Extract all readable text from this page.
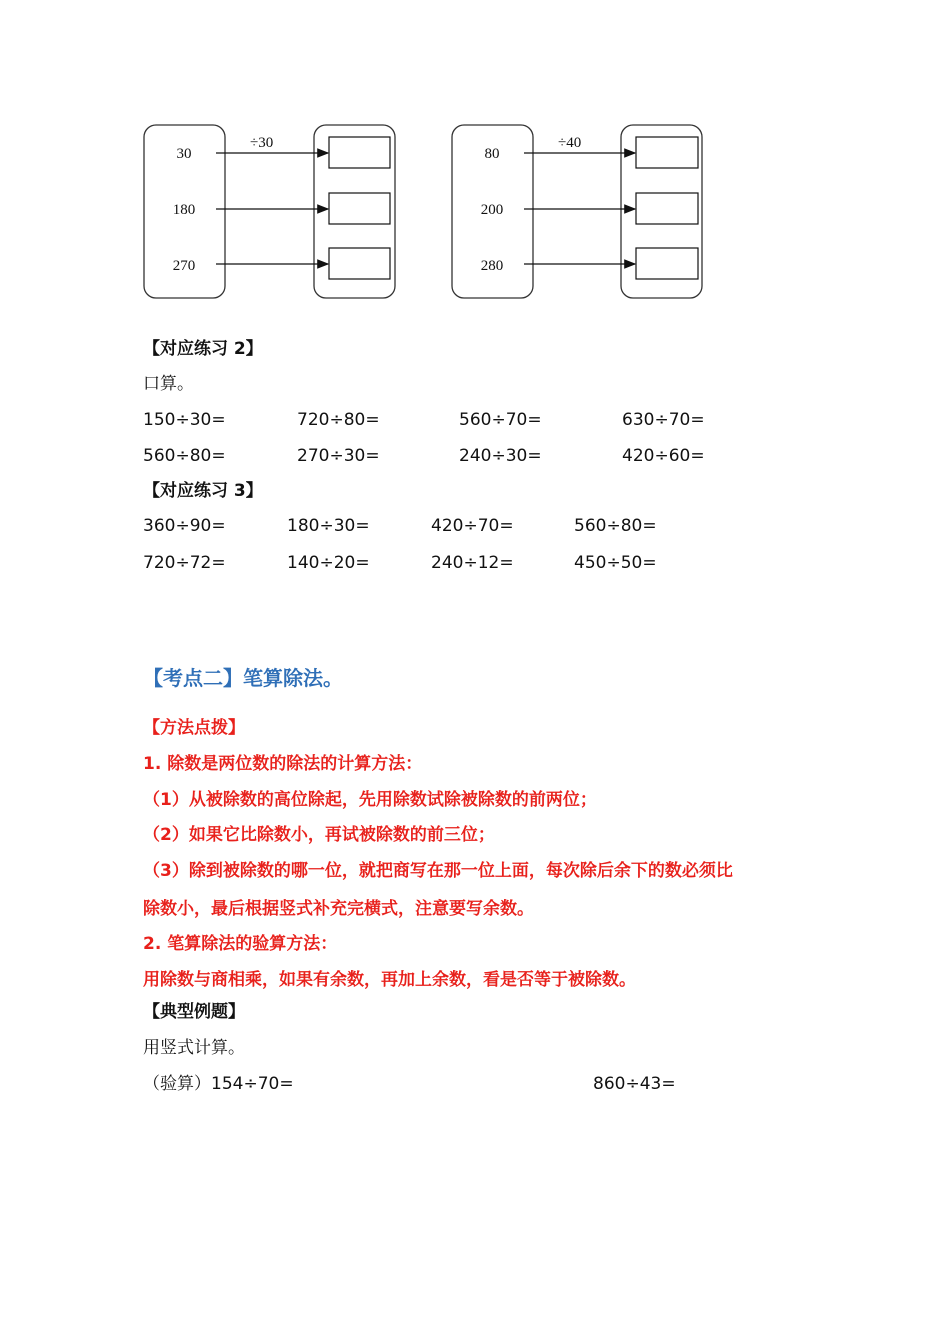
÷30
30
180
270
÷40
80
200
280
【对应练习 2】
口算。
150÷30=	720÷80=	560÷70=	630÷70=
560÷80=	270÷30=	240÷30=	420÷60=
【对应练习 3】
360÷90=	180÷30=	420÷70=	560÷80=
720÷72=	140÷20=	240÷12=	450÷50=
【考点二】笔算除法。
【方法点拨】
1. 除数是两位数的除法的计算方法：
（1）从被除数的高位除起，先用除数试除被除数的前两位；
（2）如果它比除数小，再试被除数的前三位；
（3）除到被除数的哪一位，就把商写在那一位上面，每次除后余下的数必须比
除数小，最后根据竖式补充完横式，注意要写余数。
2. 笔算除法的验算方法：
用除数与商相乘，如果有余数，再加上余数，看是否等于被除数。
【典型例题】
用竖式计算。
（验算）154÷70=	860÷43=
